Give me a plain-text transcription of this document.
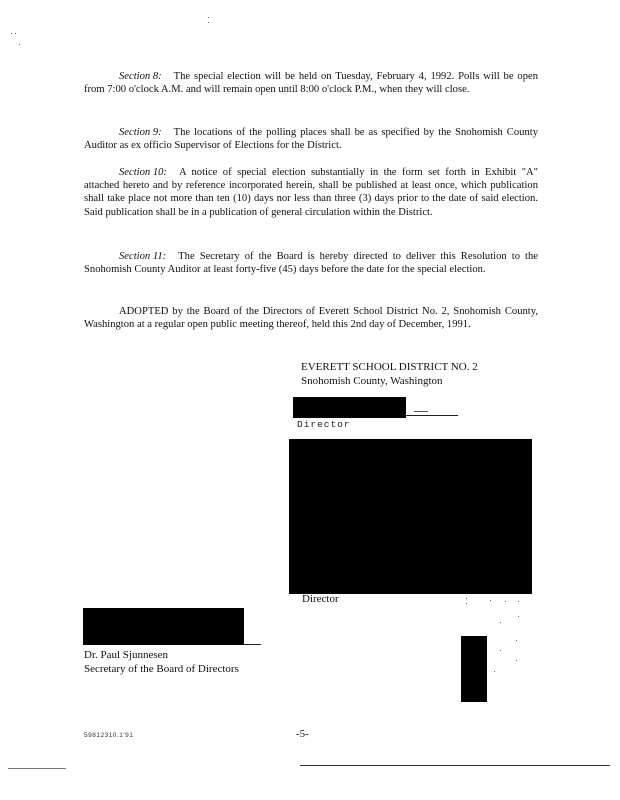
Section 8: The special election will be held on Tuesday, February 4, 1992. Polls will be open from 7:00 o'clock A.M. and will remain open until 8:00 o'clock P.M., when they will close.
Section 9: The locations of the polling places shall be as specified by the Snohomish County Auditor as ex officio Supervisor of Elections for the District.
Section 10: A notice of special election substantially in the form set forth in Exhibit "A" attached hereto and by reference incorporated herein, shall be published at least once, which publication shall take place not more than ten (10) days nor less than three (3) days prior to the date of said election. Said publication shall be in a publication of general circulation within the District.
Section 11: The Secretary of the Board is hereby directed to deliver this Resolution to the Snohomish County Auditor at least forty-five (45) days before the date for the special election.
ADOPTED by the Board of the Directors of Everett School District No. 2, Snohomish County, Washington at a regular open public meeting thereof, held this 2nd day of December, 1991.
EVERETT SCHOOL DISTRICT NO. 2
Snohomish County, Washington
Director
Director
Dr. Paul Sjunnesen
Secretary of the Board of Directors
59812310.1'91	-5-
